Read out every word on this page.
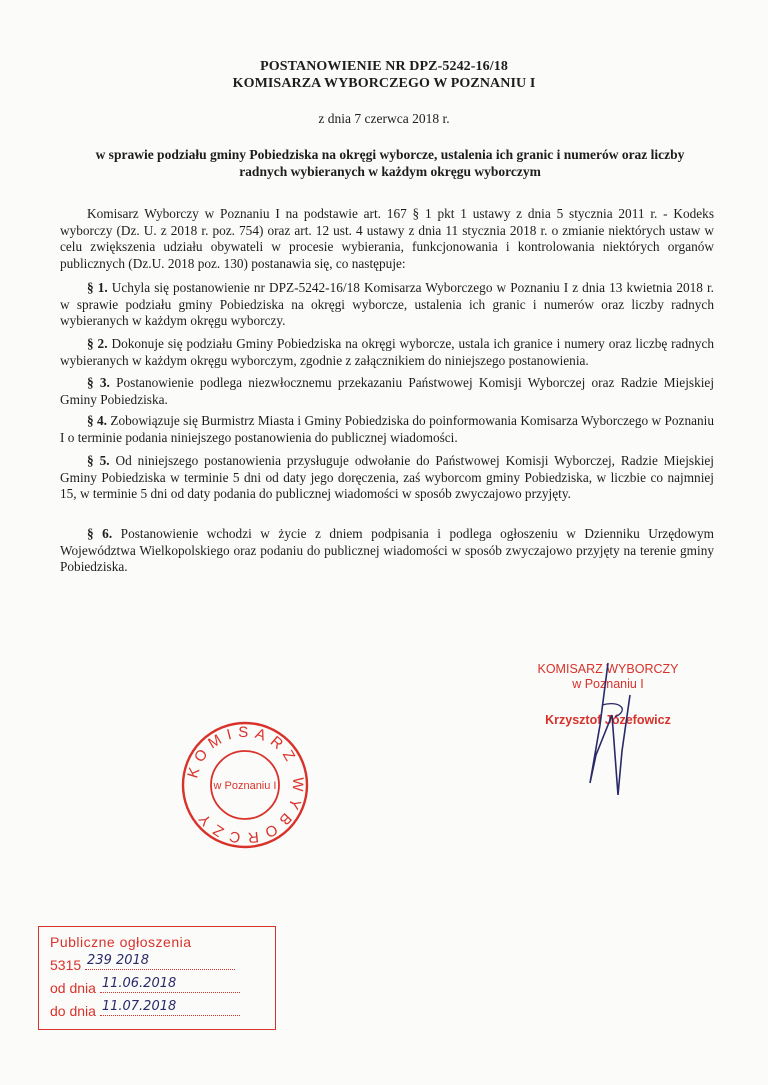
POSTANOWIENIE NR DPZ-5242-16/18
KOMISARZA WYBORCZEGO W POZNANIU I
z dnia 7 czerwca 2018 r.
w sprawie podziału gminy Pobiedziska na okręgi wyborcze, ustalenia ich granic i numerów oraz liczby radnych wybieranych w każdym okręgu wyborczym
Komisarz Wyborczy w Poznaniu I na podstawie art. 167 § 1 pkt 1 ustawy z dnia 5 stycznia 2011 r. - Kodeks wyborczy (Dz. U. z 2018 r. poz. 754) oraz art. 12 ust. 4 ustawy z dnia 11 stycznia 2018 r. o zmianie niektórych ustaw w celu zwiększenia udziału obywateli w procesie wybierania, funkcjonowania i kontrolowania niektórych organów publicznych (Dz.U. 2018 poz. 130) postanawia się, co następuje:
§ 1. Uchyla się postanowienie nr DPZ-5242-16/18 Komisarza Wyborczego w Poznaniu I z dnia 13 kwietnia 2018 r. w sprawie podziału gminy Pobiedziska na okręgi wyborcze, ustalenia ich granic i numerów oraz liczby radnych wybieranych w każdym okręgu wyborczy.
§ 2. Dokonuje się podziału Gminy Pobiedziska na okręgi wyborcze, ustala ich granice i numery oraz liczbę radnych wybieranych w każdym okręgu wyborczym, zgodnie z załącznikiem do niniejszego postanowienia.
§ 3. Postanowienie podlega niezwłocznemu przekazaniu Państwowej Komisji Wyborczej oraz Radzie Miejskiej Gminy Pobiedziska.
§ 4. Zobowiązuje się Burmistrz Miasta i Gminy Pobiedziska do poinformowania Komisarza Wyborczego w Poznaniu I o terminie podania niniejszego postanowienia do publicznej wiadomości.
§ 5. Od niniejszego postanowienia przysługuje odwołanie do Państwowej Komisji Wyborczej, Radzie Miejskiej Gminy Pobiedziska w terminie 5 dni od daty jego doręczenia, zaś wyborcom gminy Pobiedziska, w liczbie co najmniej 15, w terminie 5 dni od daty podania do publicznej wiadomości w sposób zwyczajowo przyjęty.
§ 6. Postanowienie wchodzi w życie z dniem podpisania i podlega ogłoszeniu w Dzienniku Urzędowym Województwa Wielkopolskiego oraz podaniu do publicznej wiadomości w sposób zwyczajowo przyjęty na terenie gminy Pobiedziska.
KOMISARZ WYBORCZY
w Poznaniu I
Krzysztof Józefowicz
KOMISARZ WYBORCZY
w Poznaniu I
Publiczne ogłoszenia
5315 239 2018
od dnia 11.06.2018
do dnia 11.07.2018
